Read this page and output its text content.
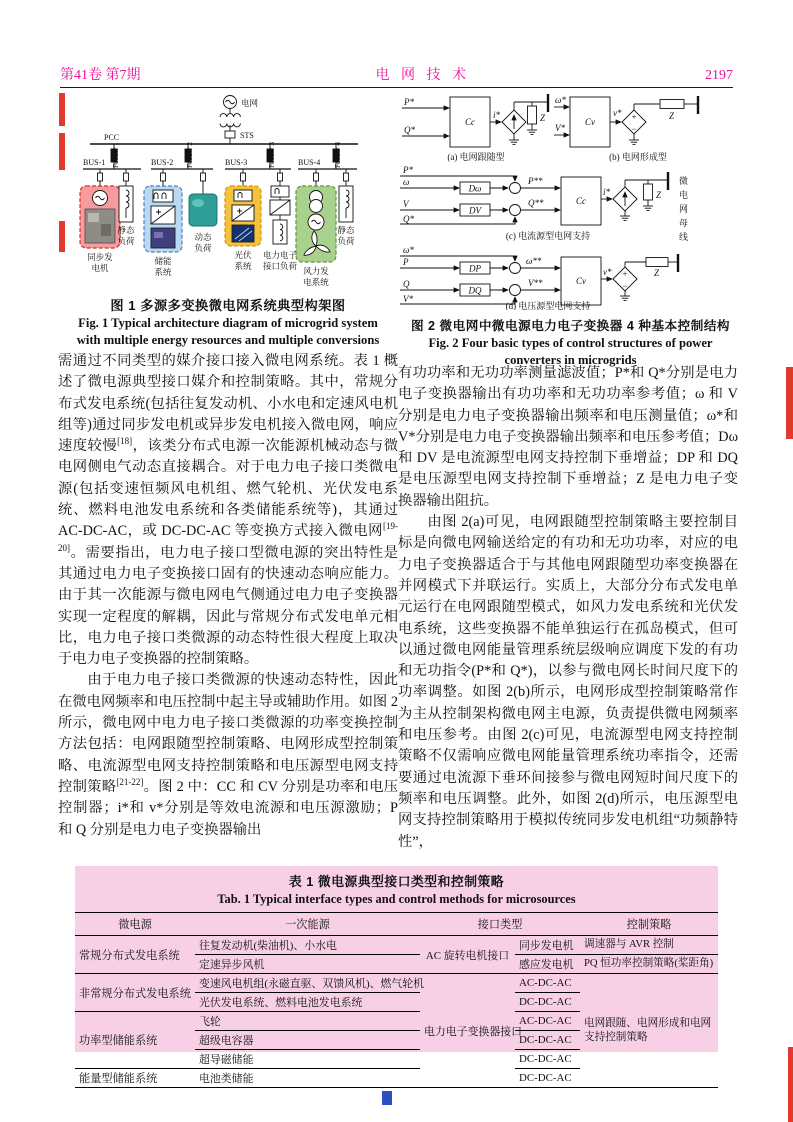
第41卷 第7期	电 网 技 术	2197
电网
PCC	STS
Feeder 1	Feeder 2	Feeder 3	Feeder 4
BUS-1	BUS-2	BUS-3	BUS-4
同步发
电机
静态
负荷
储能
系统
动态
负荷
光伏
系统
电力电子
接口负荷 风力发
电系统
静态
负荷
图 1 多源多变换微电网系统典型构架图
Fig. 1 Typical architecture diagram of microgrid system
with multiple energy resources and multiple conversions
P*
Q*
Cc
i*	Z
(a) 电网跟随型
ω*
V*
Cv
v* +
−
Z
(b) 电网形成型
P*
ω
Dω
V
DV
Q*
P**
Q**	Cc
i*	Z
(c) 电流源型电网支持
ω*
P
DP
Q
DQ
V*
ω**
V**	Cv
v* +
−
Z
(d) 电压源型电网支持
微电网母线
图 2 微电网中微电源电力电子变换器 4 种基本控制结构
Fig. 2 Four basic types of control structures of power
converters in microgrids

需通过不同类型的媒介接口接入微电网系统。表 1 概述了微电源典型接口媒介和控制策略。其中，常规分布式发电系统(包括往复发动机、小水电和定速风电机组等)通过同步发电机或异步发电机接入微电网，响应速度较慢[18]，该类分布式电源一次能源机械动态与微电网侧电气动态直接耦合。对于电力电子接口类微电源(包括变速恒频风电机组、燃气轮机、光伏发电系统、燃料电池发电系统和各类储能系统等)，其通过 AC-DC-AC，或 DC-DC-AC 等变换方式接入微电网[19-20]。需要指出，电力电子接口型微电源的突出特性是其通过电力电子变换接口固有的快速动态响应能力。由于其一次能源与微电网电气侧通过电力电子变换器实现一定程度的解耦，因此与常规分布式发电单元相比，电力电子接口类微源的动态特性很大程度上取决于电力电子变换器的控制策略。

由于电力电子接口类微源的快速动态特性，因此在微电网频率和电压控制中起主导或辅助作用。如图 2 所示，微电网中电力电子接口类微源的功率变换控制方法包括：电网跟随型控制策略、电网形成型控制策略、电流源型电网支持控制策略和电压源型电网支持控制策略[21-22]。图 2 中：CC 和 CV 分别是功率和电压控制器；i*和 v*分别是等效电流源和电压源激励；P 和 Q 分别是电力电子变换器输出

有功功率和无功功率测量滤波值；P*和 Q*分别是电力电子变换器输出有功功率和无功功率参考值；ω 和 V 分别是电力电子变换器输出频率和电压测量值；ω*和 V*分别是电力电子变换器输出频率和电压参考值；Dω 和 DV 是电流源型电网支持控制下垂增益；DP 和 DQ 是电压源型电网支持控制下垂增益；Z 是电力电子变换器输出阻抗。

由图 2(a)可见，电网跟随型控制策略主要控制目标是向微电网输送给定的有功和无功功率，对应的电力电子变换器适合于与其他电网跟随型功率变换器在并网模式下并联运行。实质上，大部分分布式发电单元运行在电网跟随型模式，如风力发电系统和光伏发电系统，这些变换器不能单独运行在孤岛模式，但可以通过微电网能量管理系统层级响应调度下发的有功和无功指令(P*和 Q*)，以参与微电网长时间尺度下的功率调整。如图 2(b)所示，电网形成型控制策略常作为主从控制架构微电网主电源，负责提供微电网频率和电压参考。由图 2(c)可见，电流源型电网支持控制策略不仅需响应微电网能量管理系统功率指令，还需要通过电流源下垂环间接参与微电网短时间尺度下的频率和电压调整。此外，如图 2(d)所示，电压源型电网支持控制策略用于模拟传统同步发电机组“功频静特性”，

表 1 微电源典型接口类型和控制策略
Tab. 1 Typical interface types and control methods for microsources
微电源	一次能源	接口类型		控制策略
常规分布式发电系统	往复发动机(柴油机)、小水电	AC 旋转电机接口	同步发电机	调速器与 AVR 控制
	定速异步风机		感应发电机	PQ 恒功率控制策略(桨距角)
非常规分布式发电系统	变速风电机组(永磁直驱、双馈风机)、燃气轮机	电力电子变换器接口	AC-DC-AC	电网跟随、电网形成和电网支持控制策略
	光伏发电系统、燃料电池发电系统		DC-DC-AC	
功率型储能系统	飞轮		AC-DC-AC	
	超级电容器		DC-DC-AC	
	超导磁储能		DC-DC-AC	
能量型储能系统	电池类储能		DC-DC-AC	
